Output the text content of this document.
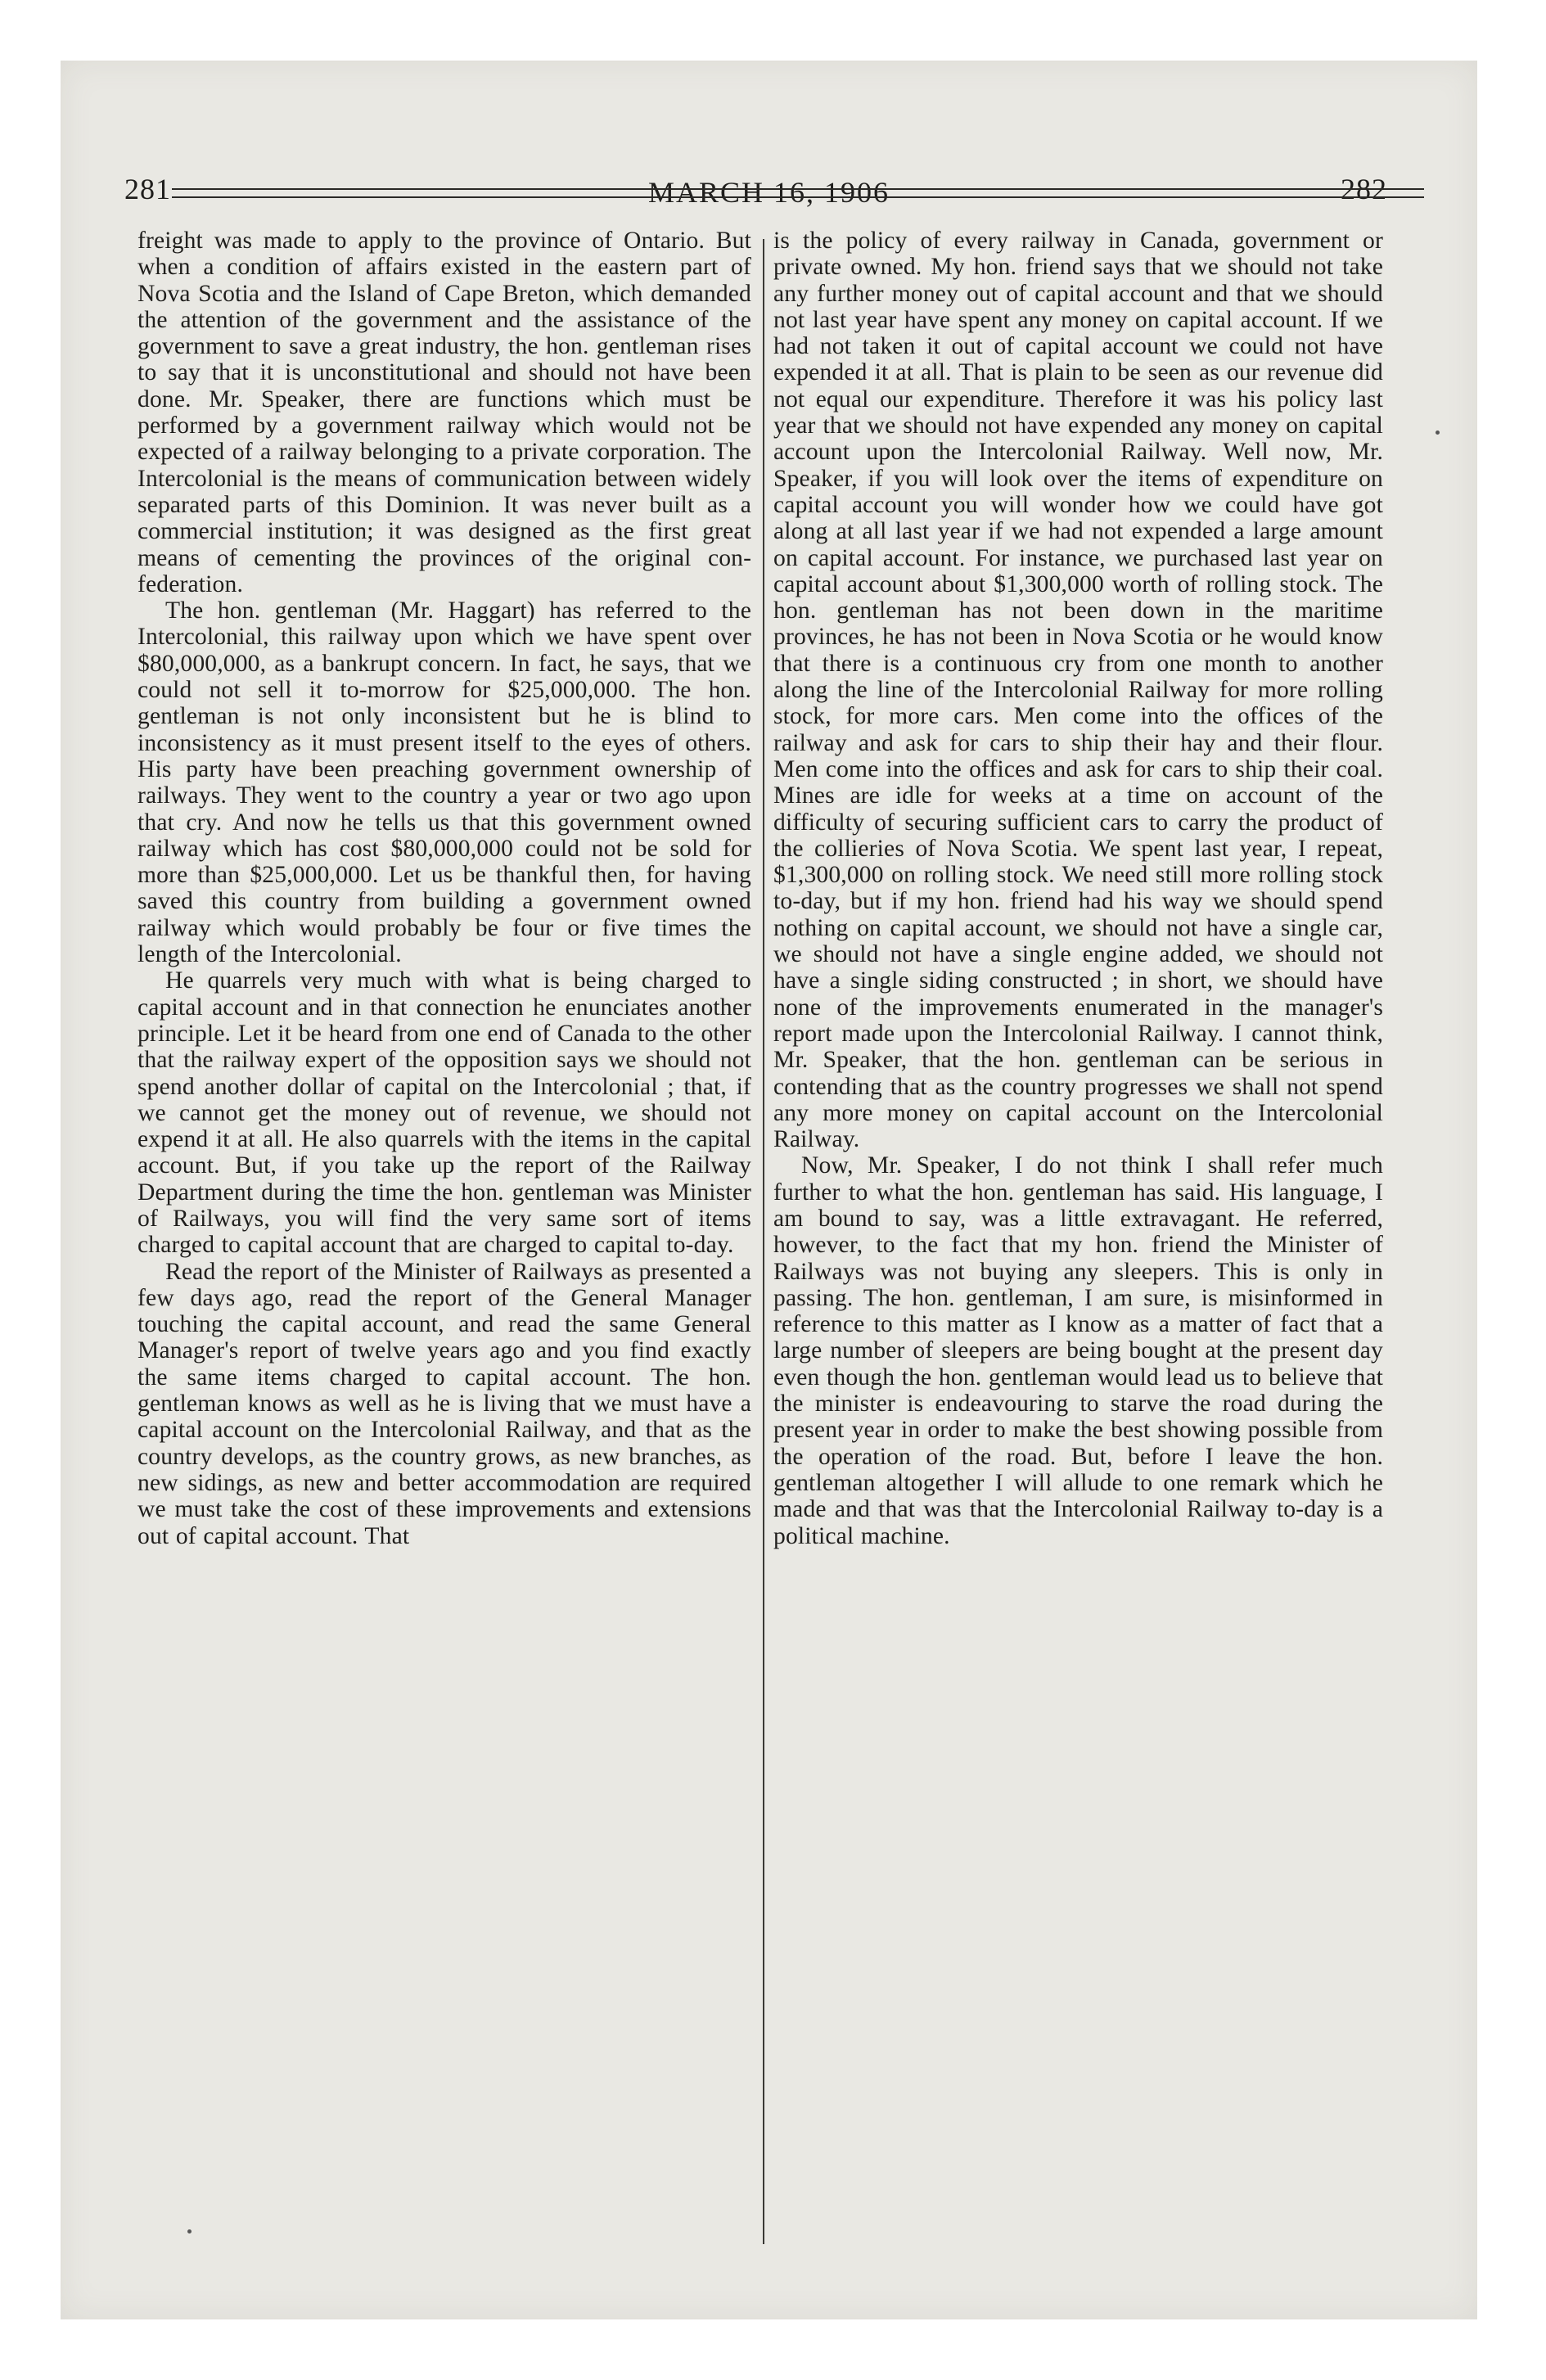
281	MARCH 16, 1906	282

freight was made to apply to the province of Ontario. But when a condition of affairs existed in the eastern part of Nova Scotia and the Island of Cape Breton, which demanded the attention of the government and the assistance of the government to save a great industry, the hon. gentleman rises to say that it is unconstitutional and should not have been done. Mr. Speaker, there are functions which must be performed by a government railway which would not be expected of a railway belonging to a private corporation. The Intercolonial is the means of communication between widely separated parts of this Dominion. It was never built as a commercial institution; it was designed as the first great means of cementing the provinces of the original confederation.

The hon. gentleman (Mr. Haggart) has referred to the Intercolonial, this railway upon which we have spent over $80,000,000, as a bankrupt concern. In fact, he says, that we could not sell it to-morrow for $25,000,000. The hon. gentleman is not only inconsistent but he is blind to inconsistency as it must present itself to the eyes of others. His party have been preaching government ownership of railways. They went to the country a year or two ago upon that cry. And now he tells us that this government owned railway which has cost $80,000,000 could not be sold for more than $25,000,000. Let us be thankful then, for having saved this country from building a government owned railway which would probably be four or five times the length of the Intercolonial.

He quarrels very much with what is being charged to capital account and in that connection he enunciates another principle. Let it be heard from one end of Canada to the other that the railway expert of the opposition says we should not spend another dollar of capital on the Intercolonial ; that, if we cannot get the money out of revenue, we should not expend it at all. He also quarrels with the items in the capital account. But, if you take up the report of the Railway Department during the time the hon. gentleman was Minister of Railways, you will find the very same sort of items charged to capital account that are charged to capital to-day.

Read the report of the Minister of Railways as presented a few days ago, read the report of the General Manager touching the capital account, and read the same General Manager's report of twelve years ago and you find exactly the same items charged to capital account. The hon. gentleman knows as well as he is living that we must have a capital account on the Intercolonial Railway, and that as the country develops, as the country grows, as new branches, as new sidings, as new and better accommodation are required we must take the cost of these improvements and extensions out of capital account. That

is the policy of every railway in Canada, government or private owned. My hon. friend says that we should not take any further money out of capital account and that we should not last year have spent any money on capital account. If we had not taken it out of capital account we could not have expended it at all. That is plain to be seen as our revenue did not equal our expenditure. Therefore it was his policy last year that we should not have expended any money on capital account upon the Intercolonial Railway. Well now, Mr. Speaker, if you will look over the items of expenditure on capital account you will wonder how we could have got along at all last year if we had not expended a large amount on capital account. For instance, we purchased last year on capital account about $1,300,000 worth of rolling stock. The hon. gentleman has not been down in the maritime provinces, he has not been in Nova Scotia or he would know that there is a continuous cry from one month to another along the line of the Intercolonial Railway for more rolling stock, for more cars. Men come into the offices of the railway and ask for cars to ship their hay and their flour. Men come into the offices and ask for cars to ship their coal. Mines are idle for weeks at a time on account of the difficulty of securing sufficient cars to carry the product of the collieries of Nova Scotia. We spent last year, I repeat, $1,300,000 on rolling stock. We need still more rolling stock to-day, but if my hon. friend had his way we should spend nothing on capital account, we should not have a single car, we should not have a single engine added, we should not have a single siding constructed ; in short, we should have none of the improvements enumerated in the manager's report made upon the Intercolonial Railway. I cannot think, Mr. Speaker, that the hon. gentleman can be serious in contending that as the country progresses we shall not spend any more money on capital account on the Intercolonial Railway.

Now, Mr. Speaker, I do not think I shall refer much further to what the hon. gentleman has said. His language, I am bound to say, was a little extravagant. He referred, however, to the fact that my hon. friend the Minister of Railways was not buying any sleepers. This is only in passing. The hon. gentleman, I am sure, is misinformed in reference to this matter as I know as a matter of fact that a large number of sleepers are being bought at the present day even though the hon. gentleman would lead us to believe that the minister is endeavouring to starve the road during the present year in order to make the best showing possible from the operation of the road. But, before I leave the hon. gentleman altogether I will allude to one remark which he made and that was that the Intercolonial Railway to-day is a political machine.
